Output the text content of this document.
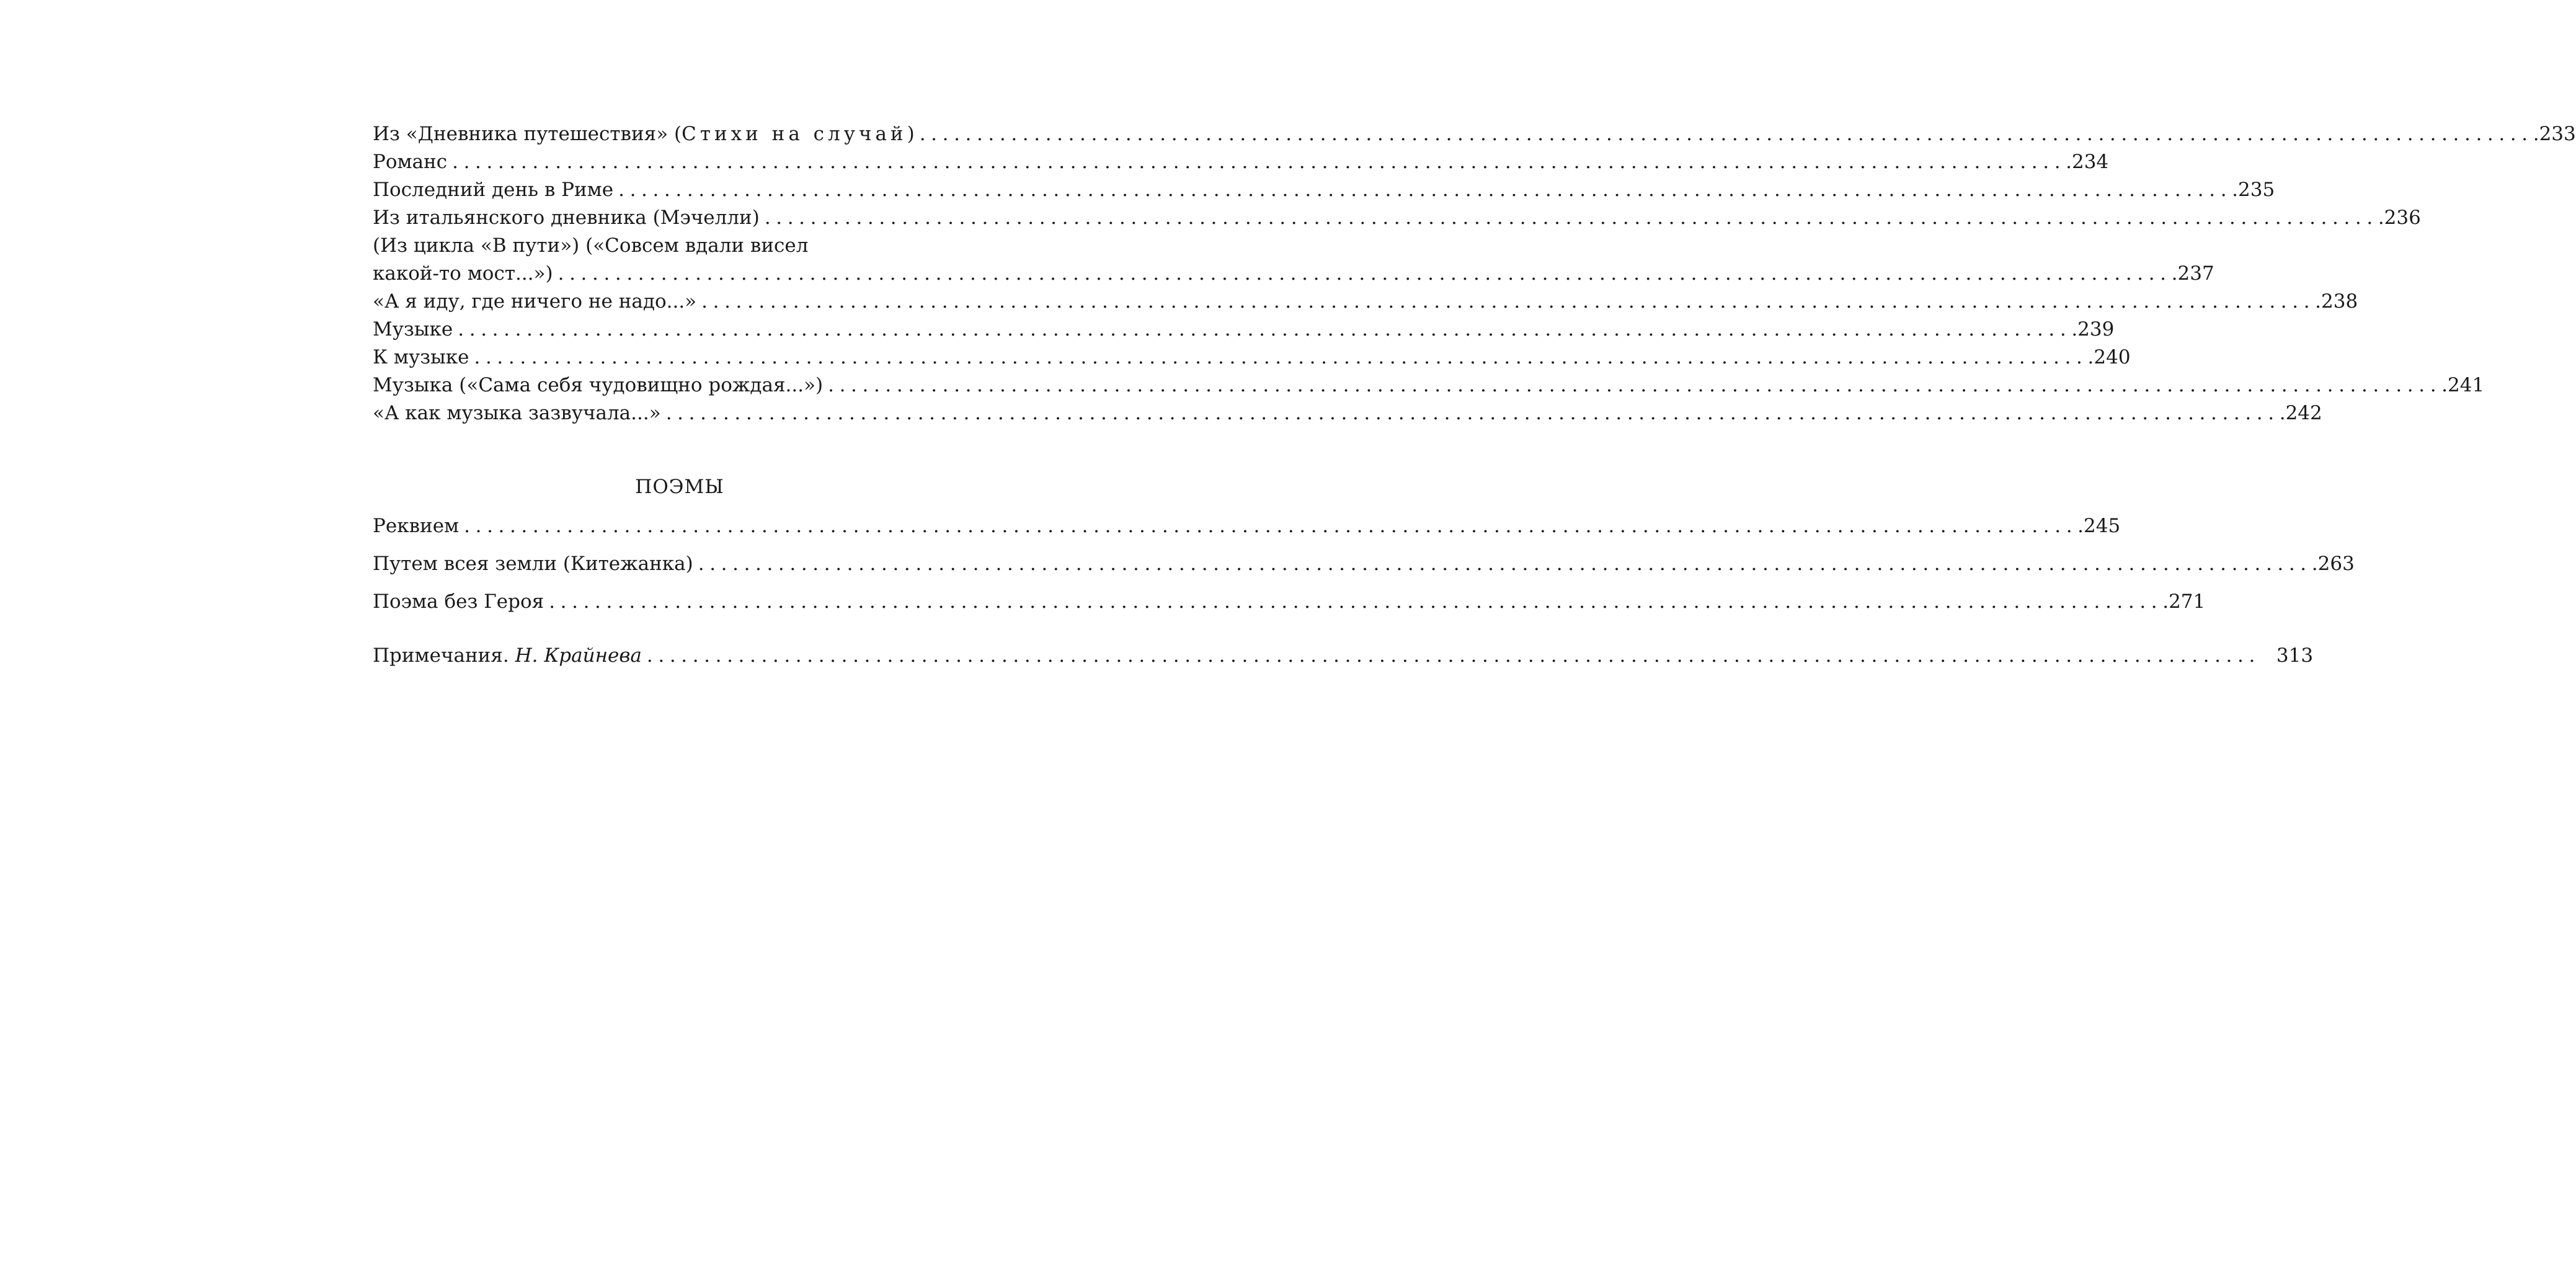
Из «Дневника путешествия» (Стихи на случай) ............................................................................................................................................. .233
Романс ............................................................................................................................................. .234
Последний день в Риме ............................................................................................................................................. .235
Из итальянского дневника (Мэчелли) ............................................................................................................................................. .236
(Из цикла «В пути») («Совсем вдали висел
какой-то мост...») ............................................................................................................................................. .237
«А я иду, где ничего не надо...» ............................................................................................................................................. .238
Музыке ............................................................................................................................................. .239
К музыке ............................................................................................................................................. .240
Музыка («Сама себя чудовищно рождая...») ............................................................................................................................................. .241
«А как музыка зазвучала...» ............................................................................................................................................. .242
ПОЭМЫ
Реквием ............................................................................................................................................. .245
Путем всея земли (Китежанка) ............................................................................................................................................. .263
Поэма без Героя ............................................................................................................................................. .271
Примечания. Н. Крайнева ............................................................................................................................................. 313
